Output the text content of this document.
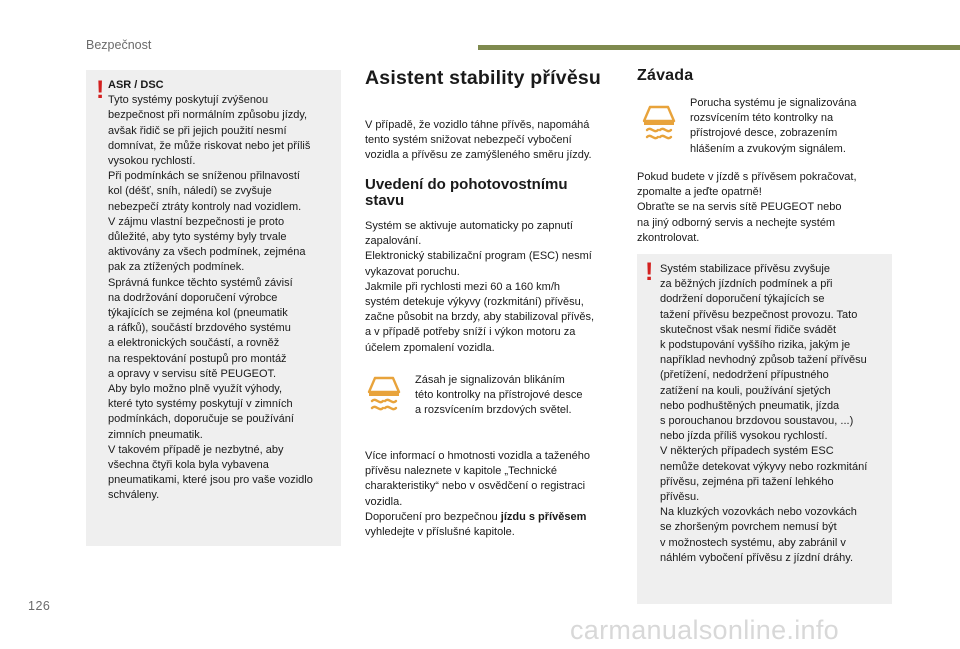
Bezpečnost
! ASR / DSC
Tyto systémy poskytují zvýšenou
bezpečnost při normálním způsobu jízdy,
avšak řidič se při jejich použití nesmí
domnívat, že může riskovat nebo jet příliš
vysokou rychlostí.
Při podmínkách se sníženou přilnavostí
kol (déšť, sníh, náledí) se zvyšuje
nebezpečí ztráty kontroly nad vozidlem.
V zájmu vlastní bezpečnosti je proto
důležité, aby tyto systémy byly trvale
aktivovány za všech podmínek, zejména
pak za ztížených podmínek.
Správná funkce těchto systémů závisí
na dodržování doporučení výrobce
týkajících se zejména kol (pneumatik
a ráfků), součástí brzdového systému
a elektronických součástí, a rovněž
na respektování postupů pro montáž
a opravy v servisu sítě PEUGEOT.
Aby bylo možno plně využít výhody,
které tyto systémy poskytují v zimních
podmínkách, doporučuje se používání
zimních pneumatik.
V takovém případě je nezbytné, aby
všechna čtyři kola byla vybavena
pneumatikami, které jsou pro vaše vozidlo
schváleny.
Asistent stability přívěsu
V případě, že vozidlo táhne přívěs, napomáhá
tento systém snižovat nebezpečí vybočení
vozidla a přívěsu ze zamýšleného směru jízdy.
Uvedení do pohotovostnímu
stavu
Systém se aktivuje automaticky po zapnutí
zapalování.
Elektronický stabilizační program (ESC) nesmí
vykazovat poruchu.
Jakmile při rychlosti mezi 60 a 160 km/h
systém detekuje výkyvy (rozkmitání) přívěsu,
začne působit na brzdy, aby stabilizoval přívěs,
a v případě potřeby sníží i výkon motoru za
účelem zpomalení vozidla.
Zásah je signalizován blikáním
této kontrolky na přístrojové desce
a rozsvícením brzdových světel.
Více informací o hmotnosti vozidla a taženého
přívěsu naleznete v kapitole „Technické
charakteristiky“ nebo v osvědčení o registraci
vozidla.
Doporučení pro bezpečnou jízdu s přívěsem
vyhledejte v příslušné kapitole.
Závada
Porucha systému je signalizována
rozsvícením této kontrolky na
přístrojové desce, zobrazením
hlášením a zvukovým signálem.
Pokud budete v jízdě s přívěsem pokračovat,
zpomalte a jeďte opatrně!
Obraťte se na servis sítě PEUGEOT nebo
na jiný odborný servis a nechejte systém
zkontrolovat.
! Systém stabilizace přívěsu zvyšuje
za běžných jízdních podmínek a při
dodržení doporučení týkajících se
tažení přívěsu bezpečnost provozu. Tato
skutečnost však nesmí řidiče svádět
k podstupování vyššího rizika, jakým je
například nevhodný způsob tažení přívěsu
(přetížení, nedodržení přípustného
zatížení na kouli, používání sjetých
nebo podhuštěných pneumatik, jízda
s porouchanou brzdovou soustavou, ...)
nebo jízda příliš vysokou rychlostí.
V některých případech systém ESC
nemůže detekovat výkyvy nebo rozkmitání
přívěsu, zejména při tažení lehkého
přívěsu.
Na kluzkých vozovkách nebo vozovkách
se zhoršeným povrchem nemusí být
v možnostech systému, aby zabránil v
náhlém vybočení přívěsu z jízdní dráhy.
126
carmanualsonline.info
